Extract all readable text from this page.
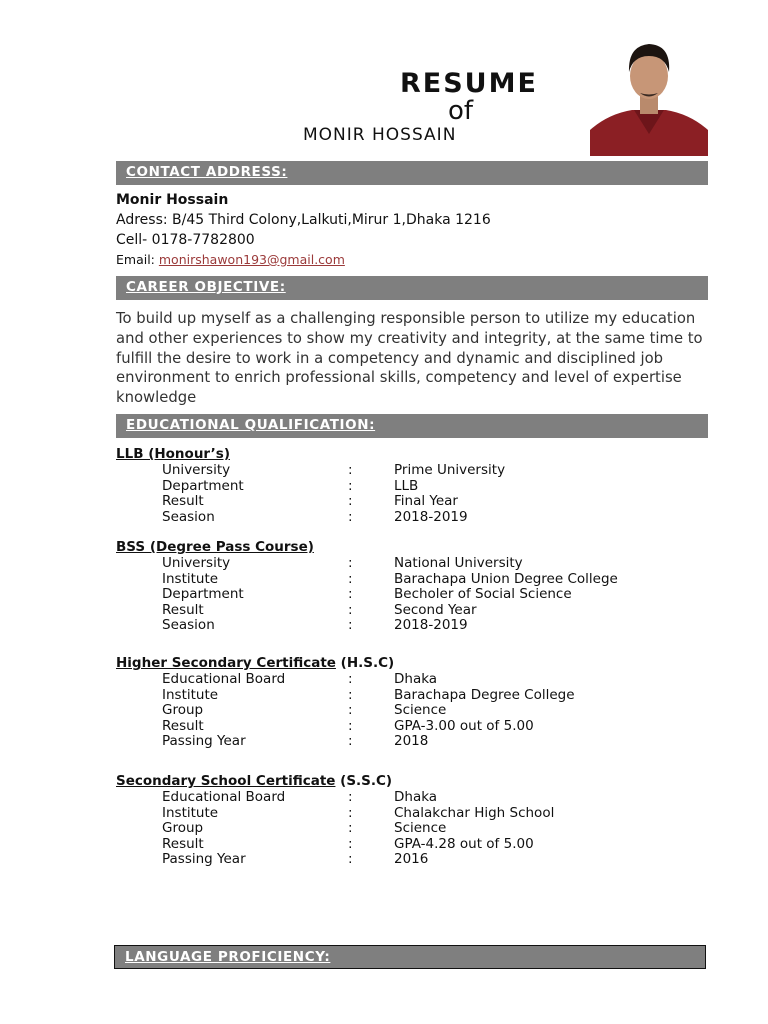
RESUME
of
MONIR HOSSAIN
CONTACT ADDRESS:
Monir Hossain
Adress: B/45 Third Colony,Lalkuti,Mirur 1,Dhaka 1216
Cell- 0178-7782800
Email: monirshawon193@gmail.com
CAREER OBJECTIVE:
To build up myself as a challenging responsible person to utilize my education and other experiences to show my creativity and integrity, at the same time to fulfill the desire to work in a competency and dynamic and disciplined job environment to enrich professional skills, competency and level of expertise knowledge
EDUCATIONAL QUALIFICATION:
LLB (Honour’s)
University	:	Prime University
Department	:	LLB
Result	:	Final Year
Seasion	:	2018-2019
BSS (Degree Pass Course)
University	:	National University
Institute	:	Barachapa Union Degree College
Department	:	Becholer of Social Science
Result	:	Second Year
Seasion	:	2018-2019
Higher Secondary Certificate (H.S.C)
Educational Board	:	Dhaka
Institute	:	Barachapa Degree College
Group	:	Science
Result	:	GPA-3.00 out of 5.00
Passing Year	:	2018
Secondary School Certificate (S.S.C)
Educational Board	:	Dhaka
Institute	:	Chalakchar High School
Group	:	Science
Result	:	GPA-4.28 out of 5.00
Passing Year	:	2016
LANGUAGE PROFICIENCY:
